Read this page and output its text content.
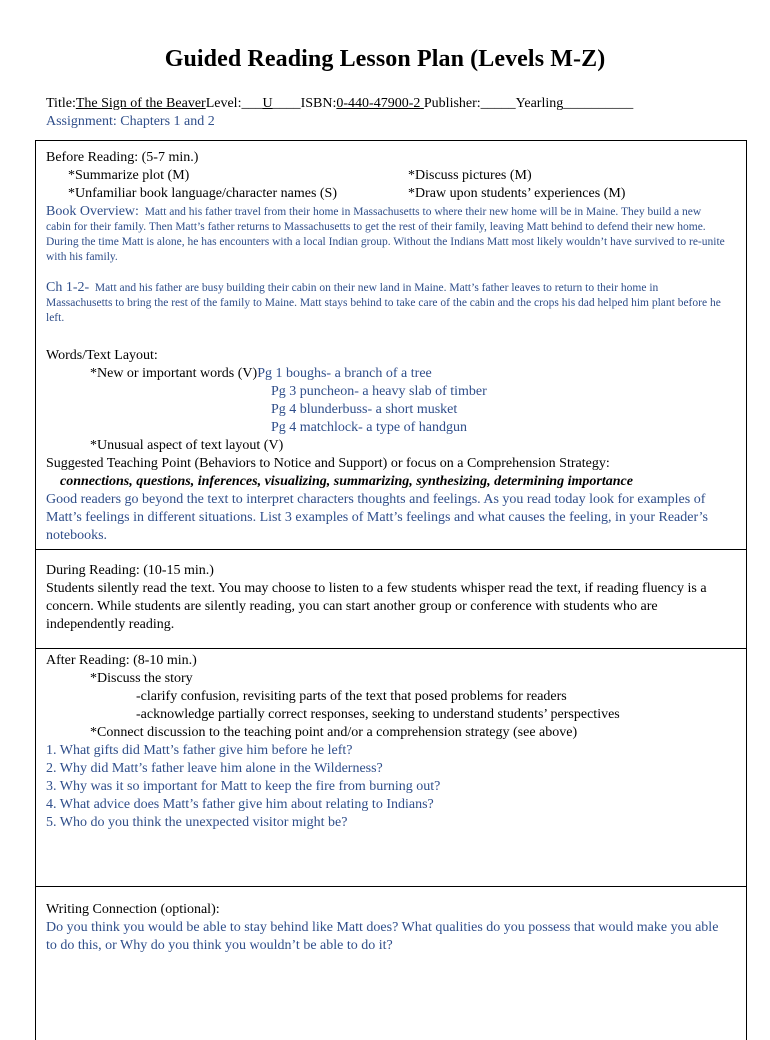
Guided Reading Lesson Plan (Levels M-Z)
Title:The Sign of the BeaverLevel:___U____ISBN:0-440-47900-2 Publisher:_____Yearling__________
Assignment: Chapters 1 and 2
Before Reading: (5-7 min.)
*Summarize plot (M)	*Discuss pictures (M)
*Unfamiliar book language/character names (S)	*Draw upon students’ experiences (M)
Book Overview: Matt and his father travel from their home in Massachusetts to where their new home will be in Maine. They build a new cabin for their family. Then Matt’s father returns to Massachusetts to get the rest of their family, leaving Matt behind to defend their new home. During the time Matt is alone, he has encounters with a local Indian group. Without the Indians Matt most likely wouldn’t have survived to re-unite with his family.
Ch 1-2- Matt and his father are busy building their cabin on their new land in Maine. Matt’s father leaves to return to their home in Massachusetts to bring the rest of the family to Maine. Matt stays behind to take care of the cabin and the crops his dad helped him plant before he left.
Words/Text Layout:
*New or important words (V)Pg 1 boughs- a branch of a tree
Pg 3 puncheon- a heavy slab of timber
Pg 4 blunderbuss- a short musket
Pg 4 matchlock- a type of handgun
*Unusual aspect of text layout (V)
Suggested Teaching Point (Behaviors to Notice and Support) or focus on a Comprehension Strategy:
connections, questions, inferences, visualizing, summarizing, synthesizing, determining importance
Good readers go beyond the text to interpret characters thoughts and feelings. As you read today look for examples of Matt’s feelings in different situations. List 3 examples of Matt’s feelings and what causes the feeling, in your Reader’s notebooks.
During Reading: (10-15 min.)
Students silently read the text. You may choose to listen to a few students whisper read the text, if reading fluency is a concern. While students are silently reading, you can start another group or conference with students who are independently reading.
After Reading: (8-10 min.)
*Discuss the story
-clarify confusion, revisiting parts of the text that posed problems for readers
-acknowledge partially correct responses, seeking to understand students’ perspectives
*Connect discussion to the teaching point and/or a comprehension strategy (see above)
1. What gifts did Matt’s father give him before he left?
2. Why did Matt’s father leave him alone in the Wilderness?
3. Why was it so important for Matt to keep the fire from burning out?
4. What advice does Matt’s father give him about relating to Indians?
5. Who do you think the unexpected visitor might be?
Writing Connection (optional):
Do you think you would be able to stay behind like Matt does? What qualities do you possess that would make you able to do this, or Why do you think you wouldn’t be able to do it?
